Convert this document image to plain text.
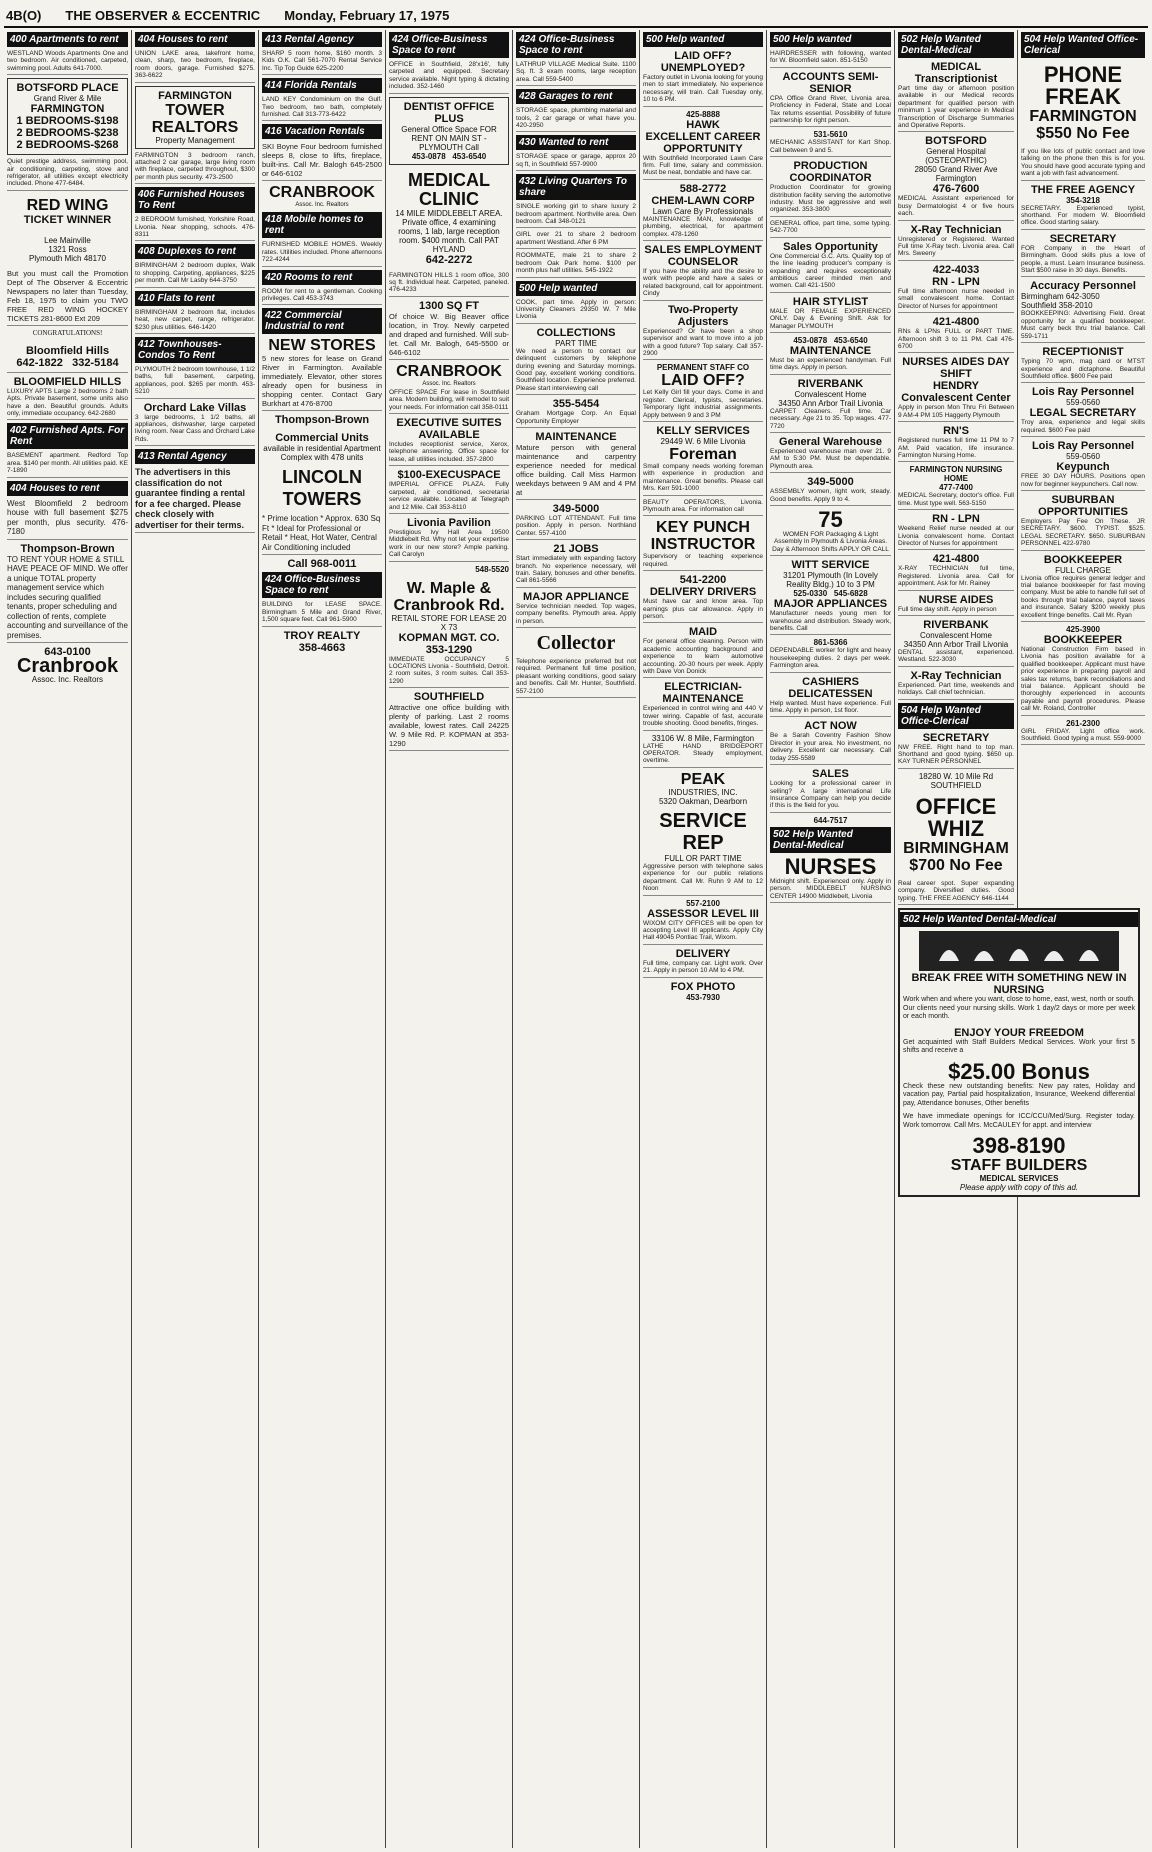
4B(O) THE OBSERVER & ECCENTRIC Monday, February 17, 1975
400 Apartments to rent
WESTLAND Woods Apartments One and two bedroom. Air conditioned, carpeted, swimming pool. Adults 641-7000.
BOTSFORD PLACE
Grand River & Mile
FARMINGTON
1 BEDROOMS-$198
2 BEDROOMS-$238
2 BEDROOMS-$268
Quiet prestige address, swimming pool, air conditioning, carpeting, stove and refrigerator, all utilities except electricity included. Phone 477-6484.
RED WING
TICKET WINNER
Lee Mainville
1321 Ross
Plymouth Mich 48170
But you must call the Promotion Dept of The Observer & Eccentric Newspapers no later than Tuesday, Feb 18, 1975 to claim you TWO FREE RED WING HOCKEY TICKETS 281-8600 Ext 209
CONGRATULATIONS!
Bloomfield Hills
642-1822 332-5184
BLOOMFIELD HILLS
LUXURY APTS Large 2 bedrooms 2 bath Apts. Private basement, some units also have a den. Beautiful grounds. Adults only, immediate occupancy. 642-2680
402 Furnished Apts. For Rent
BASEMENT apartment. Redford Top area. $140 per month. All utilities paid. KE 7-1890
404 Houses to rent
West Bloomfield 2 bedroom house with full basement $275 per month, plus security. 476-7180
Thompson-Brown
TO RENT YOUR HOME & STILL HAVE PEACE OF MIND. We offer a unique TOTAL property management service which includes securing qualified tenants, proper scheduling and collection of rents, complete accounting and surveillance of the premises.
643-0100
Cranbrook
Assoc. Inc. Realtors
404 Houses to rent
UNION LAKE area, lakefront home, clean, sharp, two bedroom, fireplace, room doors, garage. Furnished $275. 363-6622
FARMINGTON
TOWER REALTORS
Property Management
FARMINGTON 3 bedroom ranch, attached 2 car garage, large living room with fireplace, carpeted throughout, $300 per month plus security. 473-2500
406 Furnished Houses To Rent
2 BEDROOM furnished, Yorkshire Road, Livonia. Near shopping, schools. 476-8311
408 Duplexes to rent
BIRMINGHAM 2 bedroom duplex, Walk to shopping. Carpeting, appliances, $225 per month. Call Mr Lasby 644-3750
410 Flats to rent
BIRMINGHAM 2 bedroom flat, includes heat, new carpet, range, refrigerator. $230 plus utilities. 646-1420
412 Townhouses-Condos To Rent
PLYMOUTH 2 bedroom townhouse, 1 1/2 baths, full basement, carpeting, appliances, pool. $265 per month. 453-5210
Orchard Lake Villas
3 large bedrooms, 1 1/2 baths, all appliances, dishwasher, large carpeted living room. Near Cass and Orchard Lake Rds.
413 Rental Agency
The advertisers in this classification do not guarantee finding a rental for a fee charged. Please check closely with advertiser for their terms.
413 Rental Agency
SHARP 5 room home, $160 month. 3 Kids O.K. Call 561-7070 Rental Service Inc. Tip Top Guide 625-2200
414 Florida Rentals
LAND KEY Condominium on the Gulf. Two bedroom, two bath, completely furnished. Call 313-773-6422
416 Vacation Rentals
SKI Boyne Four bedroom furnished sleeps 8, close to lifts, fireplace, built-ins. Call Mr. Balogh 645-2500 or 646-6102
CRANBROOK
Assoc. Inc. Realtors
418 Mobile homes to rent
FURNISHED MOBILE HOMES. Weekly rates. Utilities included. Phone afternoons 722-4244
420 Rooms to rent
ROOM for rent to a gentleman. Cooking privileges. Call 453-3743
422 Commercial Industrial to rent
NEW STORES
5 new stores for lease on Grand River in Farmington. Available immediately. Elevator, other stores already open for business in shopping center. Contact Gary Burkhart at 476-8700
Thompson-Brown
Commercial Units
available in residential Apartment Complex with 478 units
LINCOLN TOWERS
* Prime location * Approx. 630 Sq Ft * Ideal for Professional or Retail * Heat, Hot Water, Central Air Conditioning included
Call 968-0011
424 Office-Business Space to rent
BUILDING for LEASE SPACE. Birmingham 5 Mile and Grand River, 1,500 square feet. Call 961-5900
TROY REALTY
358-4663
424 Office-Business Space to rent
OFFICE in Southfield, 28'x16', fully carpeted and equipped. Secretary service available. Night typing & dictating included. 352-1460
DENTIST OFFICE PLUS
General Office Space FOR RENT ON MAIN ST - PLYMOUTH Call
453-0878 453-6540
MEDICAL CLINIC
14 MILE MIDDLEBELT AREA. Private office, 4 examining rooms, 1 lab, large reception room. $400 month. Call PAT HYLAND
642-2272
FARMINGTON HILLS 1 room office, 300 sq ft. Individual heat. Carpeted, paneled. 476-4233
1300 SQ FT
Of choice W. Big Beaver office location, in Troy. Newly carpeted and draped and furnished. Will sub-let. Call Mr. Balogh, 645-5500 or 646-6102
CRANBROOK
Assoc. Inc. Realtors
OFFICE SPACE For lease in Southfield area. Modern building, will remodel to suit your needs. For information call 358-0111
EXECUTIVE SUITES AVAILABLE
Includes receptionist service, Xerox, telephone answering. Office space for lease, all utilities included. 357-2800
$100-EXECUSPACE
IMPERIAL OFFICE PLAZA. Fully carpeted, air conditioned, secretarial service available. Located at Telegraph and 12 Mile. Call 353-8110
Livonia Pavilion
Prestigious Ivy Hall Area 19500 Middlebelt Rd. Why not let your expertise work in our new store? Ample parking. Call Carolyn
548-5520
W. Maple & Cranbrook Rd.
RETAIL STORE FOR LEASE 20 X 73
KOPMAN MGT. CO. 353-1290
IMMEDIATE OCCUPANCY 5 LOCATIONS Livonia - Southfield, Detroit. 2 room suites, 3 room suites. Call 353-1290
SOUTHFIELD
Attractive one office building with plenty of parking. Last 2 rooms available, lowest rates. Call 24225 W. 9 Mile Rd. P. KOPMAN at 353-1290
424 Office-Business Space to rent
LATHRUP VILLAGE Medical Suite. 1100 Sq. ft. 3 exam rooms, large reception area. Call 559-5400
428 Garages to rent
STORAGE space, plumbing material and tools, 2 car garage or what have you. 420-2950
430 Wanted to rent
STORAGE space or garage, approx 20 sq ft, in Southfield 557-9900
432 Living Quarters To share
SINGLE working girl to share luxury 2 bedroom apartment. Northville area. Own bedroom. Call 348-0121
GIRL over 21 to share 2 bedroom apartment Westland. After 6 PM
ROOMMATE, male 21 to share 2 bedroom Oak Park home. $100 per month plus half utilities. 545-1922
500 Help wanted
COOK, part time. Apply in person: University Cleaners 29350 W. 7 Mile Livonia
COLLECTIONS
PART TIME
We need a person to contact our delinquent customers by telephone during evening and Saturday mornings. Good pay, excellent working conditions. Southfield location. Experience preferred. Please start interviewing call
355-5454
Graham Mortgage Corp. An Equal Opportunity Employer
MAINTENANCE
Mature person with general maintenance and carpentry experience needed for medical office building. Call Miss Harmon weekdays between 9 AM and 4 PM at
349-5000
PARKING LOT ATTENDANT. Full time position. Apply in person. Northland Center. 557-4100
21 JOBS
Start immediately with expanding factory branch. No experience necessary, will train. Salary, bonuses and other benefits. Call 861-5566
MAJOR APPLIANCE
Service technician needed. Top wages, company benefits. Plymouth area. Apply in person.
Collector
Telephone experience preferred but not required. Permanent full time position, pleasant working conditions, good salary and benefits. Call Mr. Hunter, Southfield. 557-2100
500 Help wanted
LAID OFF? UNEMPLOYED?
Factory outlet in Livonia looking for young men to start immediately. No experience necessary, will train. Call Tuesday only, 10 to 6 PM.
425-8888
HAWK
EXCELLENT CAREER OPPORTUNITY
With Southfield Incorporated Lawn Care firm. Full time, salary and commission. Must be neat, bondable and have car.
588-2772
CHEM-LAWN CORP
Lawn Care By Professionals
MAINTENANCE MAN, knowledge of plumbing, electrical, for apartment complex. 478-1260
SALES EMPLOYMENT COUNSELOR
If you have the ability and the desire to work with people and have a sales or related background, call for appointment. Cindy
Two-Property Adjusters
Experienced? Or have been a shop supervisor and want to move into a job with a good future? Top salary. Call 357-2900
PERMANENT STAFF CO
LAID OFF?
Let Kelly Girl fill your days. Come in and register. Clerical, typists, secretaries. Temporary light industrial assignments. Apply between 9 and 3 PM
KELLY SERVICES
29449 W. 6 Mile Livonia
Foreman
Small company needs working foreman with experience in production and maintenance. Great benefits. Please call Mrs. Kerr 591-1000
BEAUTY OPERATORS, Livonia. Plymouth area. For information call
KEY PUNCH INSTRUCTOR
Supervisory or teaching experience required.
541-2200
DELIVERY DRIVERS
Must have car and know area. Top earnings plus car allowance. Apply in person.
MAID
For general office cleaning. Person with academic accounting background and experience to learn automotive accounting. 20-30 hours per week. Apply with Dave Von Donick
ELECTRICIAN-MAINTENANCE
Experienced in control wiring and 440 V tower wiring. Capable of fast, accurate trouble shooting. Good benefits, fringes.
33106 W. 8 Mile, Farmington
LATHE HAND BRIDGEPORT OPERATOR. Steady employment, overtime.
PEAK
INDUSTRIES, INC.
5320 Oakman, Dearborn
SERVICE REP
FULL OR PART TIME
Aggressive person with telephone sales experience for our public relations department. Call Mr. Ruhn 9 AM to 12 Noon
557-2100
ASSESSOR LEVEL III
WIXOM CITY OFFICES will be open for accepting Level III applicants. Apply City Hall 49045 Pontiac Trail, Wixom.
DELIVERY
Full time, company car. Light work. Over 21. Apply in person 10 AM to 4 PM.
FOX PHOTO
453-7930
500 Help wanted
HAIRDRESSER with following, wanted for W. Bloomfield salon. 851-5150
ACCOUNTS SEMI-SENIOR
CPA Office Grand River, Livonia area. Proficiency in Federal, State and Local Tax returns essential. Possibility of future partnership for right person.
531-5610
MECHANIC ASSISTANT for Kart Shop. Call between 9 and 5.
PRODUCTION COORDINATOR
Production Coordinator for growing distribution facility serving the automotive industry. Must be aggressive and well organized. 353-3800
GENERAL office, part time, some typing. 542-7700
Sales Opportunity
One Commercial G.C. Arts. Quality top of the line leading producer's company is expanding and requires exceptionally ambitious career minded men and women. Call 421-1500
HAIR STYLIST
MALE OR FEMALE EXPERIENCED ONLY. Day & Evening Shift. Ask for Manager PLYMOUTH
453-0878 453-6540
MAINTENANCE
Must be an experienced handyman. Full time days. Apply in person.
RIVERBANK
Convalescent Home
34350 Ann Arbor Trail Livonia
CARPET Cleaners. Full time. Car necessary. Age 21 to 35. Top wages. 477-7720
General Warehouse
Experienced warehouse man over 21. 9 AM to 5:30 PM. Must be dependable. Plymouth area.
349-5000
ASSEMBLY women, light work, steady. Good benefits. Apply 9 to 4.
75
WOMEN FOR Packaging & Light Assembly In Plymouth & Livonia Areas. Day & Afternoon Shifts APPLY OR CALL
WITT SERVICE
31201 Plymouth (In Lovely Reality Bldg.) 10 to 3 PM
525-0330 545-6828
MAJOR APPLIANCES
Manufacturer needs young men for warehouse and distribution. Steady work, benefits. Call
861-5366
DEPENDABLE worker for light and heavy housekeeping duties. 2 days per week. Farmington area.
CASHIERS DELICATESSEN
Help wanted. Must have experience. Full time. Apply in person, 1st floor.
ACT NOW
Be a Sarah Coventry Fashion Show Director in your area. No investment, no delivery. Excellent car necessary. Call today 255-5589
SALES
Looking for a professional career in selling? A large international Life Insurance Company can help you decide if this is the field for you.
644-7517
502 Help Wanted Dental-Medical
NURSES
Midnight shift. Experienced only. Apply in person. MIDDLEBELT NURSING CENTER 14900 Middlebelt, Livonia
502 Help Wanted Dental-Medical
MEDICAL Transcriptionist
Part time day or afternoon position available in our Medical records department for qualified person with minimum 1 year experience in Medical Transcription of Discharge Summaries and Operative Reports.
BOTSFORD
General Hospital (OSTEOPATHIC)
28050 Grand River Ave Farmington
476-7600
MEDICAL Assistant experienced for busy Dermatologist 4 or five hours each.
X-Ray Technician
Unregistered or Registered. Wanted Full time X-Ray tech. Livonia area. Call Mrs. Sweeny
422-4033
RN - LPN
Full time afternoon nurse needed in small convalescent home. Contact Director of Nurses for appointment
421-4800
RNs & LPNs FULL or PART TIME. Afternoon shift 3 to 11 PM. Call 476-6700
NURSES AIDES DAY SHIFT
HENDRY Convalescent Center
Apply in person Mon Thru Fri Between 9 AM-4 PM 105 Haggerty Plymouth
RN'S
Registered nurses full time 11 PM to 7 AM. Paid vacation, life insurance. Farmington Nursing Home.
FARMINGTON NURSING HOME
477-7400
MEDICAL Secretary, doctor's office. Full time. Must type well. 563-5150
RN - LPN
Weekend Relief nurse needed at our Livonia convalescent home. Contact Director of Nurses for appointment
421-4800
X-RAY TECHNICIAN full time, Registered. Livonia area. Call for appointment. Ask for Mr. Rainey
NURSE AIDES
Full time day shift. Apply in person
RIVERBANK
Convalescent Home
34350 Ann Arbor Trail Livonia
DENTAL assistant, experienced. Westland. 522-3030
X-Ray Technician
Experienced. Part time, weekends and holidays. Call chief technician.
504 Help Wanted Office-Clerical
SECRETARY
NW FREE. Right hand to top man. Shorthand and good typing. $650 up. KAY TURNER PERSONNEL
18280 W. 10 Mile Rd SOUTHFIELD
OFFICE WHIZ
BIRMINGHAM
$700 No Fee
Real career spot. Super expanding company. Diversified duties. Good typing. THE FREE AGENCY 646-1144
502 Help Wanted Dental-Medical
BREAK FREE WITH SOMETHING NEW IN NURSING
Work when and where you want, close to home, east, west, north or south. Our clients need your nursing skills. Work 1 day/2 days or more per week or each month.
ENJOY YOUR FREEDOM
Get acquainted with Staff Builders Medical Services. Work your first 5 shifts and receive a
$25.00 Bonus
Check these new outstanding benefits: New pay rates, Holiday and vacation pay, Partial paid hospitalization, Insurance, Weekend differential pay, Attendance bonuses, Other benefits
We have immediate openings for ICC/CCU/Med/Surg. Register today. Work tomorrow. Call Mrs. McCAULEY for appt. and interview
398-8190
STAFF BUILDERS
MEDICAL SERVICES
Please apply with copy of this ad.
504 Help Wanted Office-Clerical
PHONE FREAK
FARMINGTON
$550 No Fee
If you like lots of public contact and love talking on the phone then this is for you. You should have good accurate typing and want a job with fast advancement.
THE FREE AGENCY
354-3218
SECRETARY. Experienced typist, shorthand. For modern W. Bloomfield office. Good starting salary.
SECRETARY
FOR Company in the Heart of Birmingham. Good skills plus a love of people, a must. Learn Insurance business. Start $500 raise in 30 days. Benefits.
Accuracy Personnel
Birmingham 642-3050
Southfield 358-2010
BOOKKEEPING: Advertising Field. Great opportunity for a qualified bookkeeper. Must carry beck thru trial balance. Call 559-1711
RECEPTIONIST
Typing 70 wpm, mag card or MTST experience and dictaphone. Beautiful Southfield office. $600 Fee paid
Lois Ray Personnel
559-0560
LEGAL SECRETARY
Troy area, experience and legal skills required. $600 Fee paid
Lois Ray Personnel
559-0560
Keypunch
FREE 30 DAY HOURS. Positions open now for beginner keypunchers. Call now.
SUBURBAN OPPORTUNITIES
Employers Pay Fee On These. JR SECRETARY. $600. TYPIST. $525. LEGAL SECRETARY. $650. SUBURBAN PERSONNEL 422-9780
BOOKKEEPER
FULL CHARGE
Livonia office requires general ledger and trial balance bookkeeper for fast moving company. Must be able to handle full set of books through trial balance, payroll taxes and insurance. Salary $200 weekly plus excellent fringe benefits. Call Mr. Ryan
425-3900
BOOKKEEPER
National Construction Firm based in Livonia has position available for a qualified bookkeeper. Applicant must have prior experience in preparing payroll and sales tax returns, bank reconciliations and trial balance. Applicant should be thoroughly experienced in accounts payable and payroll procedures. Please call Mr. Roland, Controller
261-2300
GIRL FRIDAY. Light office work. Southfield. Good typing a must. 559-9000
